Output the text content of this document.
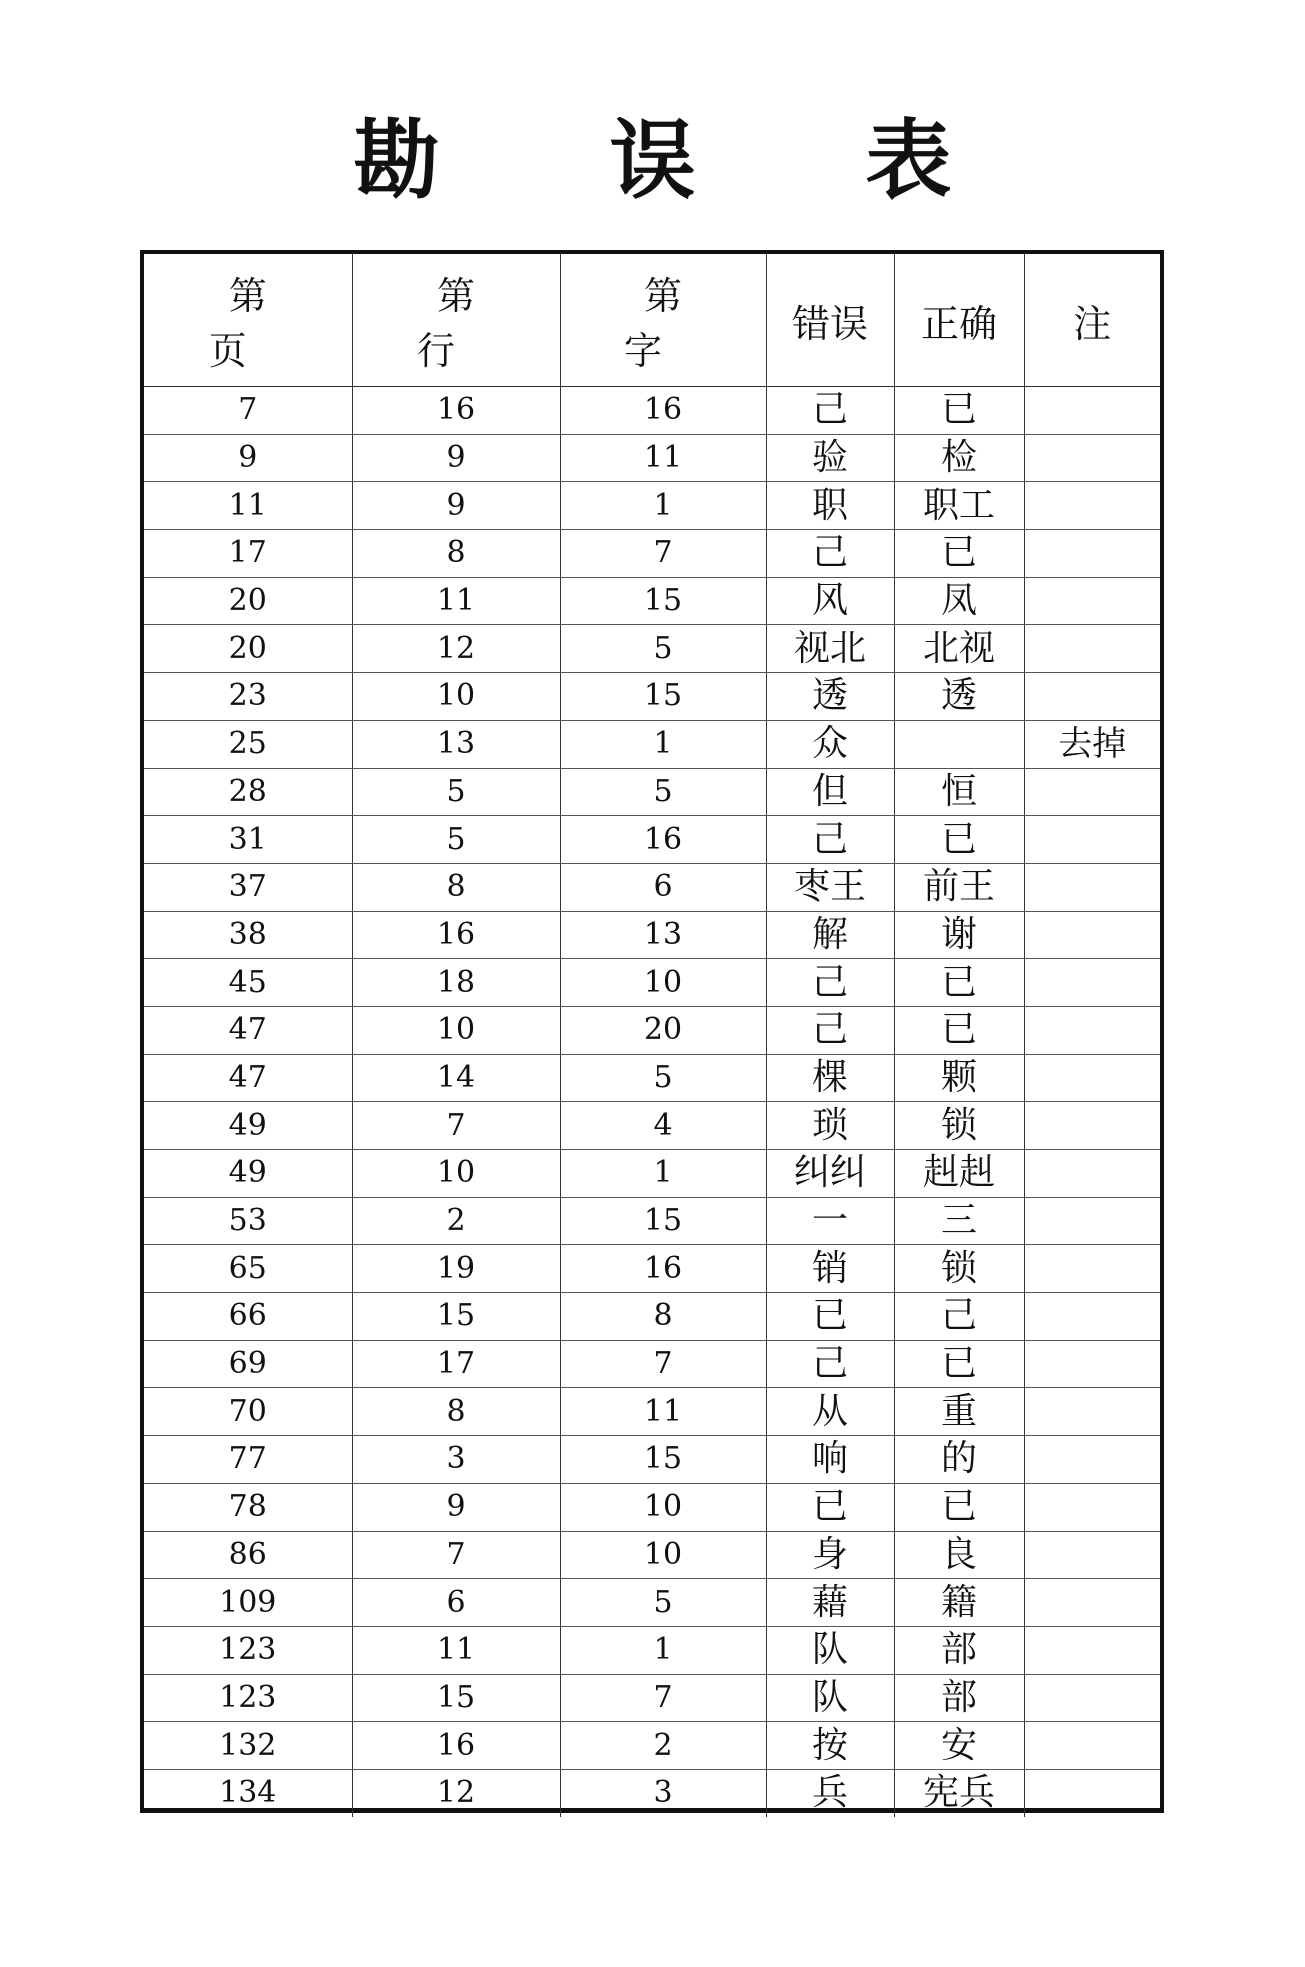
勘 误 表
第 页	第 行	第 字	错误	正确	注
7	16	16	己	已	
9	9	11	验	检	
11	9	1	职	职工	
17	8	7	己	已	
20	11	15	风	凤	
20	12	5	视北	北视	
23	10	15	透	透	
25	13	1	众		去掉
28	5	5	但	恒	
31	5	16	己	已	
37	8	6	枣王	前王	
38	16	13	解	谢	
45	18	10	己	已	
47	10	20	己	已	
47	14	5	棵	颗	
49	7	4	琐	锁	
49	10	1	纠纠	赳赳	
53	2	15	一	三	
65	19	16	销	锁	
66	15	8	已	己	
69	17	7	己	已	
70	8	11	从	重	
77	3	15	响	的	
78	9	10	已	已	
86	7	10	身	良	
109	6	5	藉	籍	
123	11	1	队	部	
123	15	7	队	部	
132	16	2	按	安	
134	12	3	兵	宪兵	
